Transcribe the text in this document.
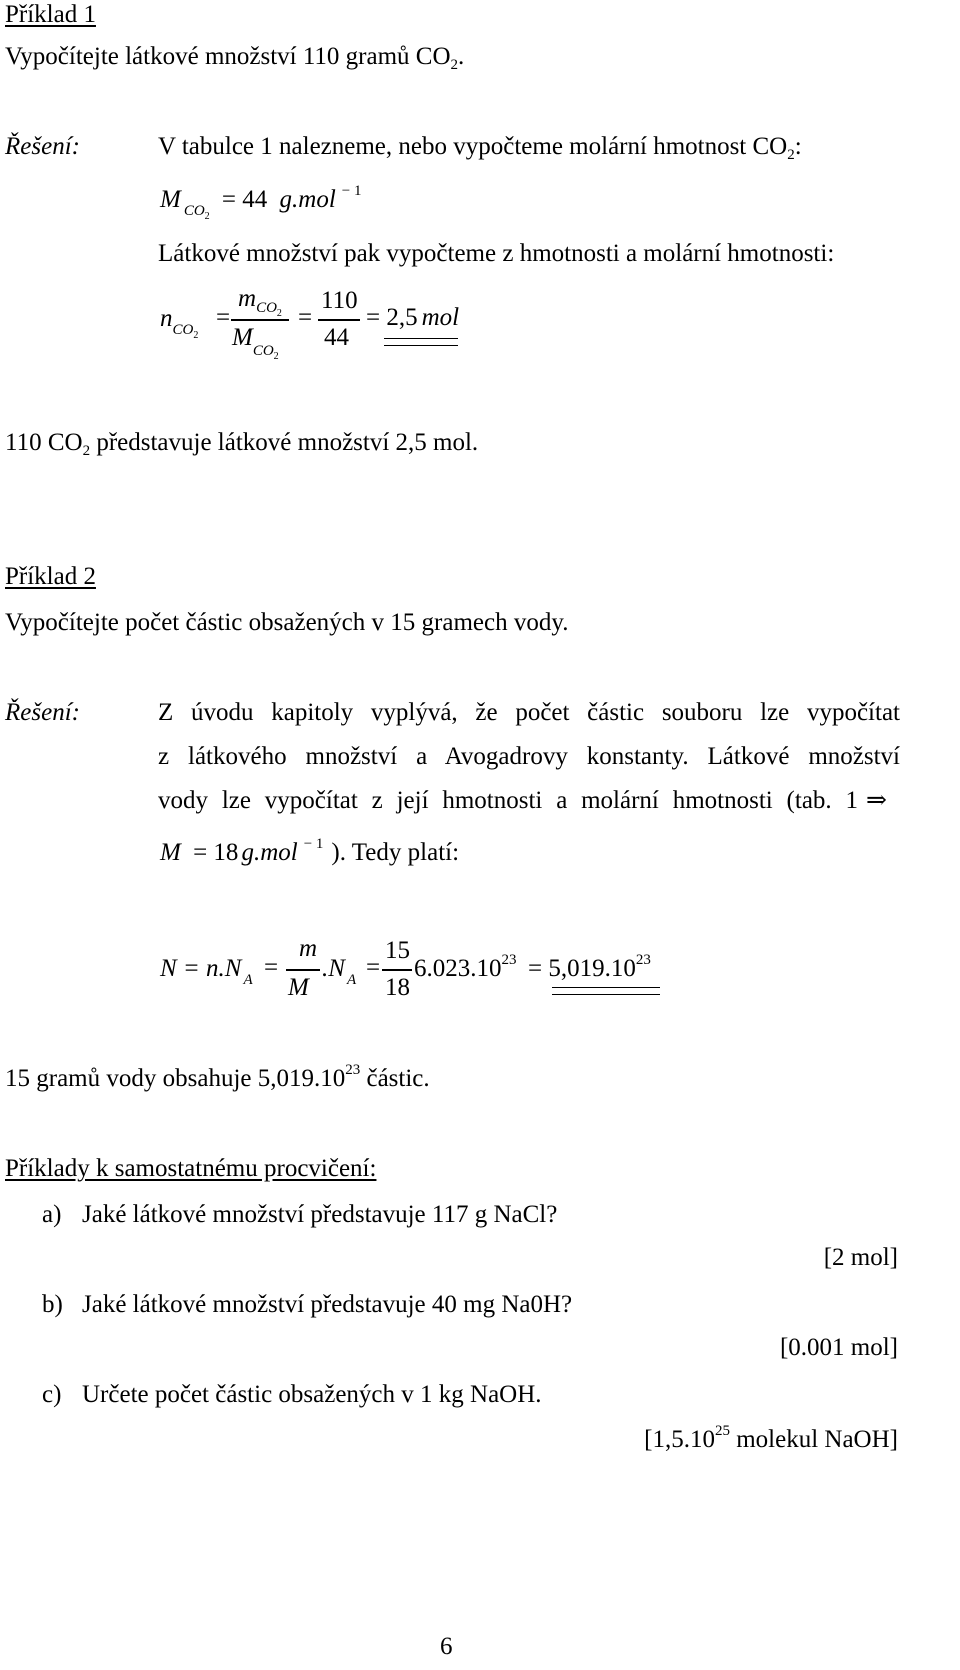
Příklad 1
Vypočítejte látkové množství 110 gramů $CO_2$.
Řešení:	V tabulce 1 nalezneme, nebo vypočteme molární hmotnost $CO_2$:
M $_{CO2}$ = 44 g.mol $^{- 1}$
Látkové množství pak vypočteme z hmotnosti a molární hmotnosti:
$n_{CO2}$
=
$m_{CO2}$
$M_{CO2}$
=
110
44
= 2,5 mol
110 $CO_2$ představuje látkové množství 2,5 mol.
Příklad 2
Vypočítejte počet částic obsažených v 15 gramech vody.
Řešení:	Z úvodu kapitoly vyplývá, že počet částic souboru lze vypočítat
z látkového množství a Avogadrovy konstanty. Látkové množství
vody lze vypočítat z její hmotnosti a molární hmotnosti (tab. 1 ⇒
M = 18 g.mol $^{- 1}$ ). Tedy platí:
N = n.N $_A$ =
m
M
.N $_A$ =
15
18
$6.023.10^{23} = 5,019.10^{23}$
15 gramů vody obsahuje 5,019.10$^{23}$ částic.
Příklady k samostatnému procvičení:
a) Jaké látkové množství představuje 117 g NaCl?
[2 mol]
b) Jaké látkové množství představuje 40 mg Na0H?
[0.001 mol]
c) Určete počet částic obsažených v 1 kg NaOH.
[1,5.10$^{25}$ molekul NaOH]
6
